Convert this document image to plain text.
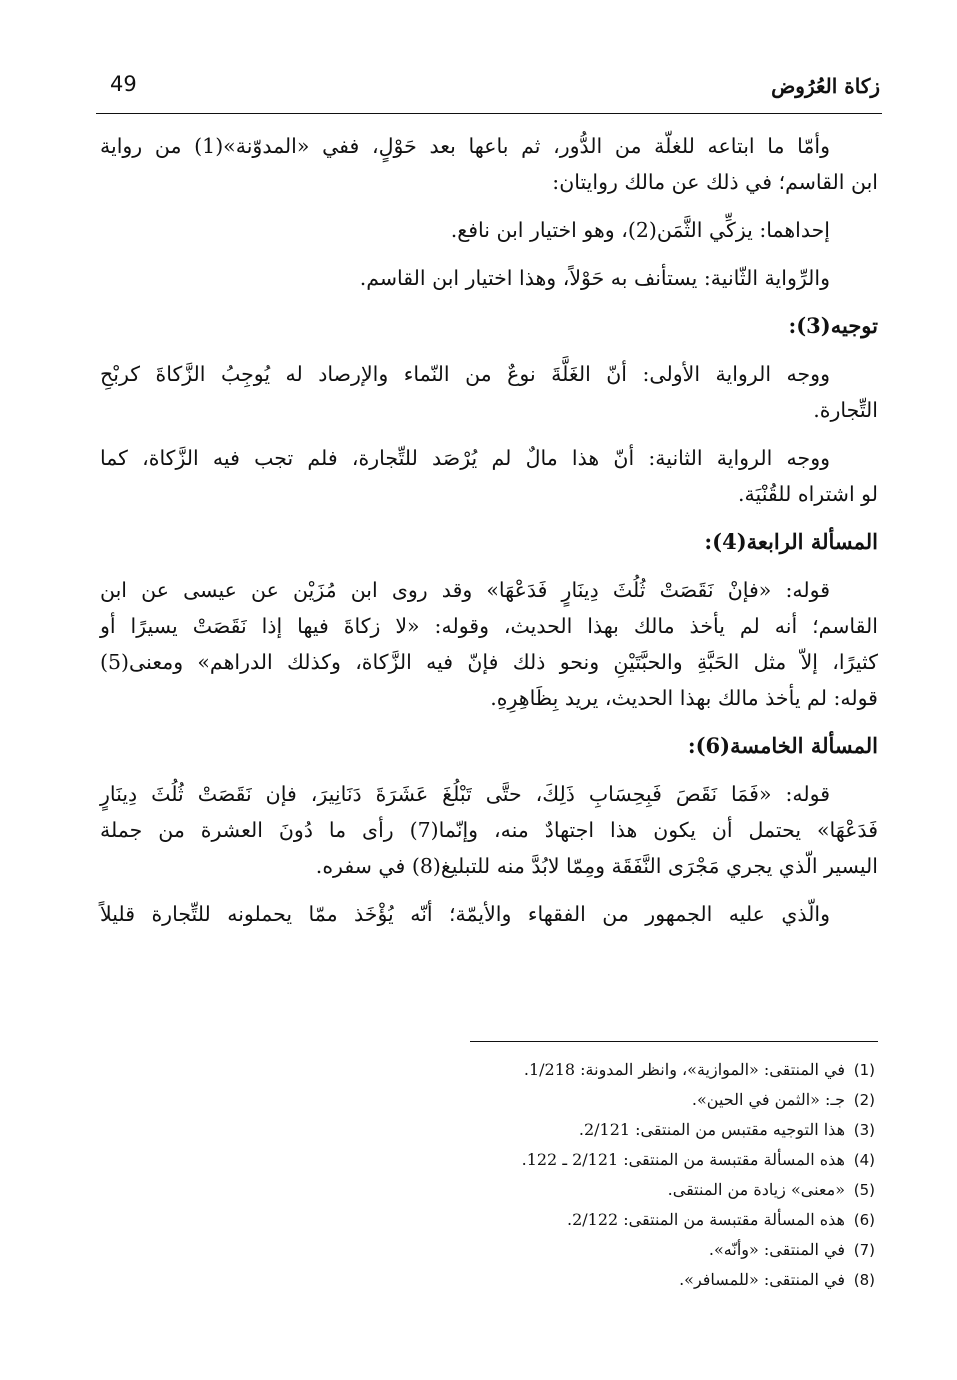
49	زكاة العُرُوض
وأمّا ما ابتاعه للغلّة من الدُّور، ثم باعها بعد حَوْلٍ، ففي «المدوّنة»(1) من رواية
ابن القاسم؛ في ذلك عن مالك روايتان:
إحداهما: يزكِّي الثَّمَن(2)، وهو اختيار ابن نافع.
والرِّواية الثّانية: يستأنف به حَوْلاً، وهذا اختيار ابن القاسم.
توجيه(3):
ووجه الرواية الأولى: أنّ الغَلَّةَ نوعٌ من النّماء والإرصاد له يُوجِبُ الزَّكاةَ كربْحِ
التِّجارة.
ووجه الرواية الثانية: أنّ هذا مالٌ لم يُرْصَد للتِّجارة، فلم تجب فيه الزَّكاة، كما
لو اشتراه للقُنْيَة.
المسألة الرابعة(4):
قوله: «فإنْ نَقَصَتْ ثُلُثَ دِينَارٍ فَدَعْهَا» وقد روى ابن مُزَيْن عن عيسى عن ابن
القاسم؛ أنه لم يأخذ مالك بهذا الحديث، وقوله: «لا زكاةَ فيها إذا نَقَصَتْ يسيرًا أو
كثيرًا، إلاّ مثل الحَبَّةِ والحبَّتَيْنِ ونحو ذلك فإنّ فيه الزَّكاة، وكذلك الدراهم» ومعنى(5)
قوله: لم يأخذ مالك بهذا الحديث، يريد بِظَاهِرِهِ.
المسألة الخامسة(6):
قوله: «فَمَا نَقَصَ فَبِحِسَابِ ذَلِكَ، حتَّى تَبْلُغَ عَشَرَةَ دَنَانِيرَ، فإن نَقَصَتْ ثُلُثَ دِينَارٍ
فَدَعْهَا» يحتمل أن يكون هذا اجتهادٌ منه، وإنّما(7) رأى ما دُونَ العشرة من جملة
اليسير الّذي يجري مَجْرَى النَّفَقَة ومِمّا لابُدَّ منه للتبليغ(8) في سفره.
والّذي عليه الجمهور من الفقهاء والأيمّة؛ أنّه يُؤْخَذ ممّا يحملونه للتِّجارة قليلاً
(1)في المنتقى: «الموازية»، وانظر المدونة: 1/218.
(2)جـ: «الثمن في الحين».
(3)هذا التوجيه مقتبس من المنتقى: 2/121.
(4)هذه المسألة مقتبسة من المنتقى: 2/121 ـ 122.
(5)«معنى» زيادة من المنتقى.
(6)هذه المسألة مقتبسة من المنتقى: 2/122.
(7)في المنتقى: «وأنّه».
(8)في المنتقى: «للمسافر».
